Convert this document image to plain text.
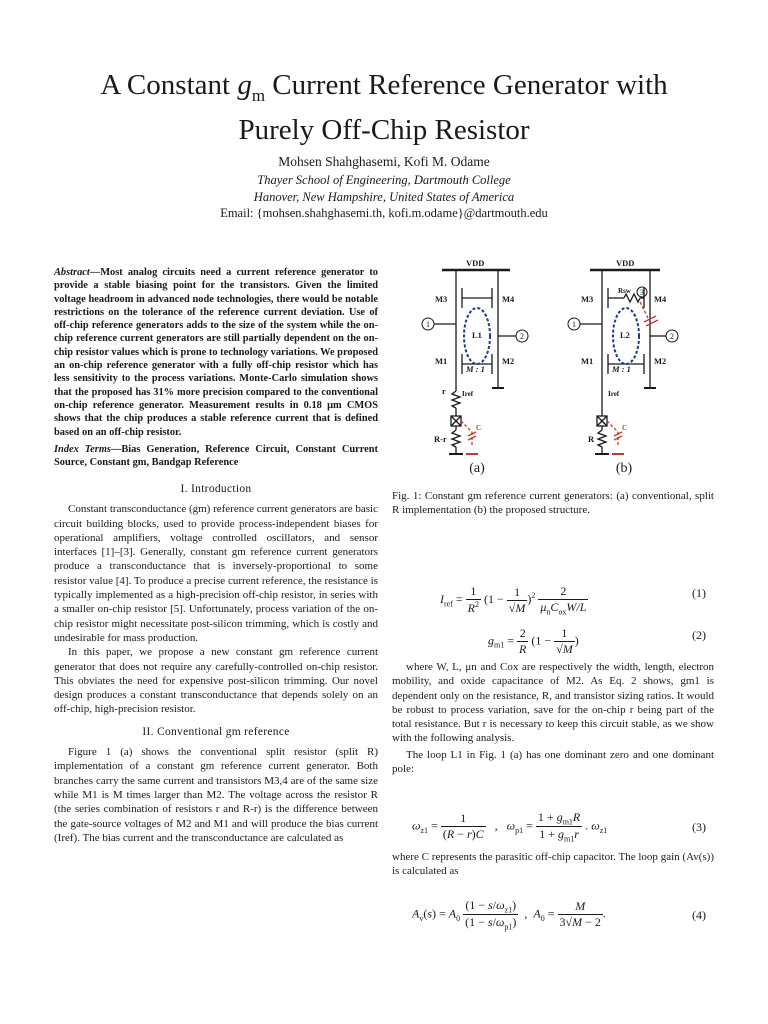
A Constant $g_m$ Current Reference Generator with
Purely Off-Chip Resistor
Mohsen Shahghasemi, Kofi M. Odame
Thayer School of Engineering, Dartmouth College
Hanover, New Hampshire, United States of America
Email: {mohsen.shahghasemi.th, kofi.m.odame}@dartmouth.edu
Abstract—Most analog circuits need a current reference generator to provide a stable biasing point for the transistors. Given the limited voltage headroom in advanced node technologies, there would be notable restrictions on the tolerance of the reference current deviation. Use of off-chip reference generators adds to the size of the system while the on-chip reference current generators are still partially dependent on the on-chip resistor values which is prone to technology variations. We proposed an on-chip reference generator with a fully off-chip resistor which has less sensitivity to the process variations. Monte-Carlo simulation shows that the proposed has 31% more precision compared to the conventional on-chip reference generator. Measurement results in 0.18 μm CMOS shows that the chip produces a stable reference current that is defined based on an off-chip resistor.
Index Terms—Bias Generation, Reference Circuit, Constant Current Source, Constant gm, Bandgap Reference
I. Introduction
Constant transconductance (gm) reference current generators are basic circuit building blocks, used to provide process-independent biases for operational amplifiers, voltage controlled oscillators, and sensor interfaces [1]–[3]. Generally, constant gm reference current generators produce a transconductance that is inversely-proportional to some resistor value [4]. To produce a precise current reference, the resistance is typically implemented as a high-precision off-chip resistor, in series with a smaller on-chip resistor [5]. Unfortunately, process variation of the on-chip resistor might necessitate post-silicon trimming, which is costly and undesirable for mass production.
In this paper, we propose a new constant gm reference current generator that does not require any carefully-controlled on-chip resistor. This obviates the need for expensive post-silicon trimming. Our novel design produces a constant transconductance that depends solely on an off-chip, high-precision resistor.
II. Conventional gm reference
Figure 1 (a) shows the conventional split resistor (split R) implementation of a constant gm reference current generator. Both branches carry the same current and transistors M3,4 are of the same size while M1 is M times larger than M2. The voltage across the resistor R (the series combination of resistors r and R-r) is the difference between the gate-source voltages of M2 and M1 and will produce the bias current (Iref). The bias current and the transconductance are calculated as
VDD	VDD
M3	M4
M1	M2
M3	M4
M1	M2
M : 1	M : 1
L1	L2
r
R-r	R
Iref	Iref
Rsw
C	C
1
2
1
2
3
(a)	(b)
Fig. 1: Constant gm reference current generators: (a) conventional, split R implementation (b) the proposed structure.
$I_{ref} = \frac{1}{R^2} (1 - \frac{1}{√M} )^2 \frac{2}{\mu_nC_{ox}W/L}$	(1)
$g_{m1} = \frac{2}{R} (1 - \frac{1}{√M}$ )	(2)
where W, L, μn and Cox are respectively the width, length, electron mobility, and oxide capacitance of M2. As Eq. 2 shows, gm1 is dependent only on the resistance, R, and transistor sizing ratios. It would be robust to process variation, save for the on-chip r being part of the total resistance. But r is necessary to keep this circuit stable, as we show with the following analysis.
The loop L1 in Fig. 1 (a) has one dominant zero and one dominant pole:
$\omega_{z1} = \frac{1}{(R - r)C}$ ,   $\omega_{p1} = \frac{1 + g_{m1}R}{1 + g_{m1}r}$ . $\omega_{z1}$	(3)
where C represents the parasitic off-chip capacitor. The loop gain (Av(s)) is calculated as
$A_v(s) = A_0 \frac{(1 - s/\omega_{z1})}{(1 - s/\omega_{p1})}$ ,  $A_0 = \frac{M}{3√M - 2}$ .	(4)
